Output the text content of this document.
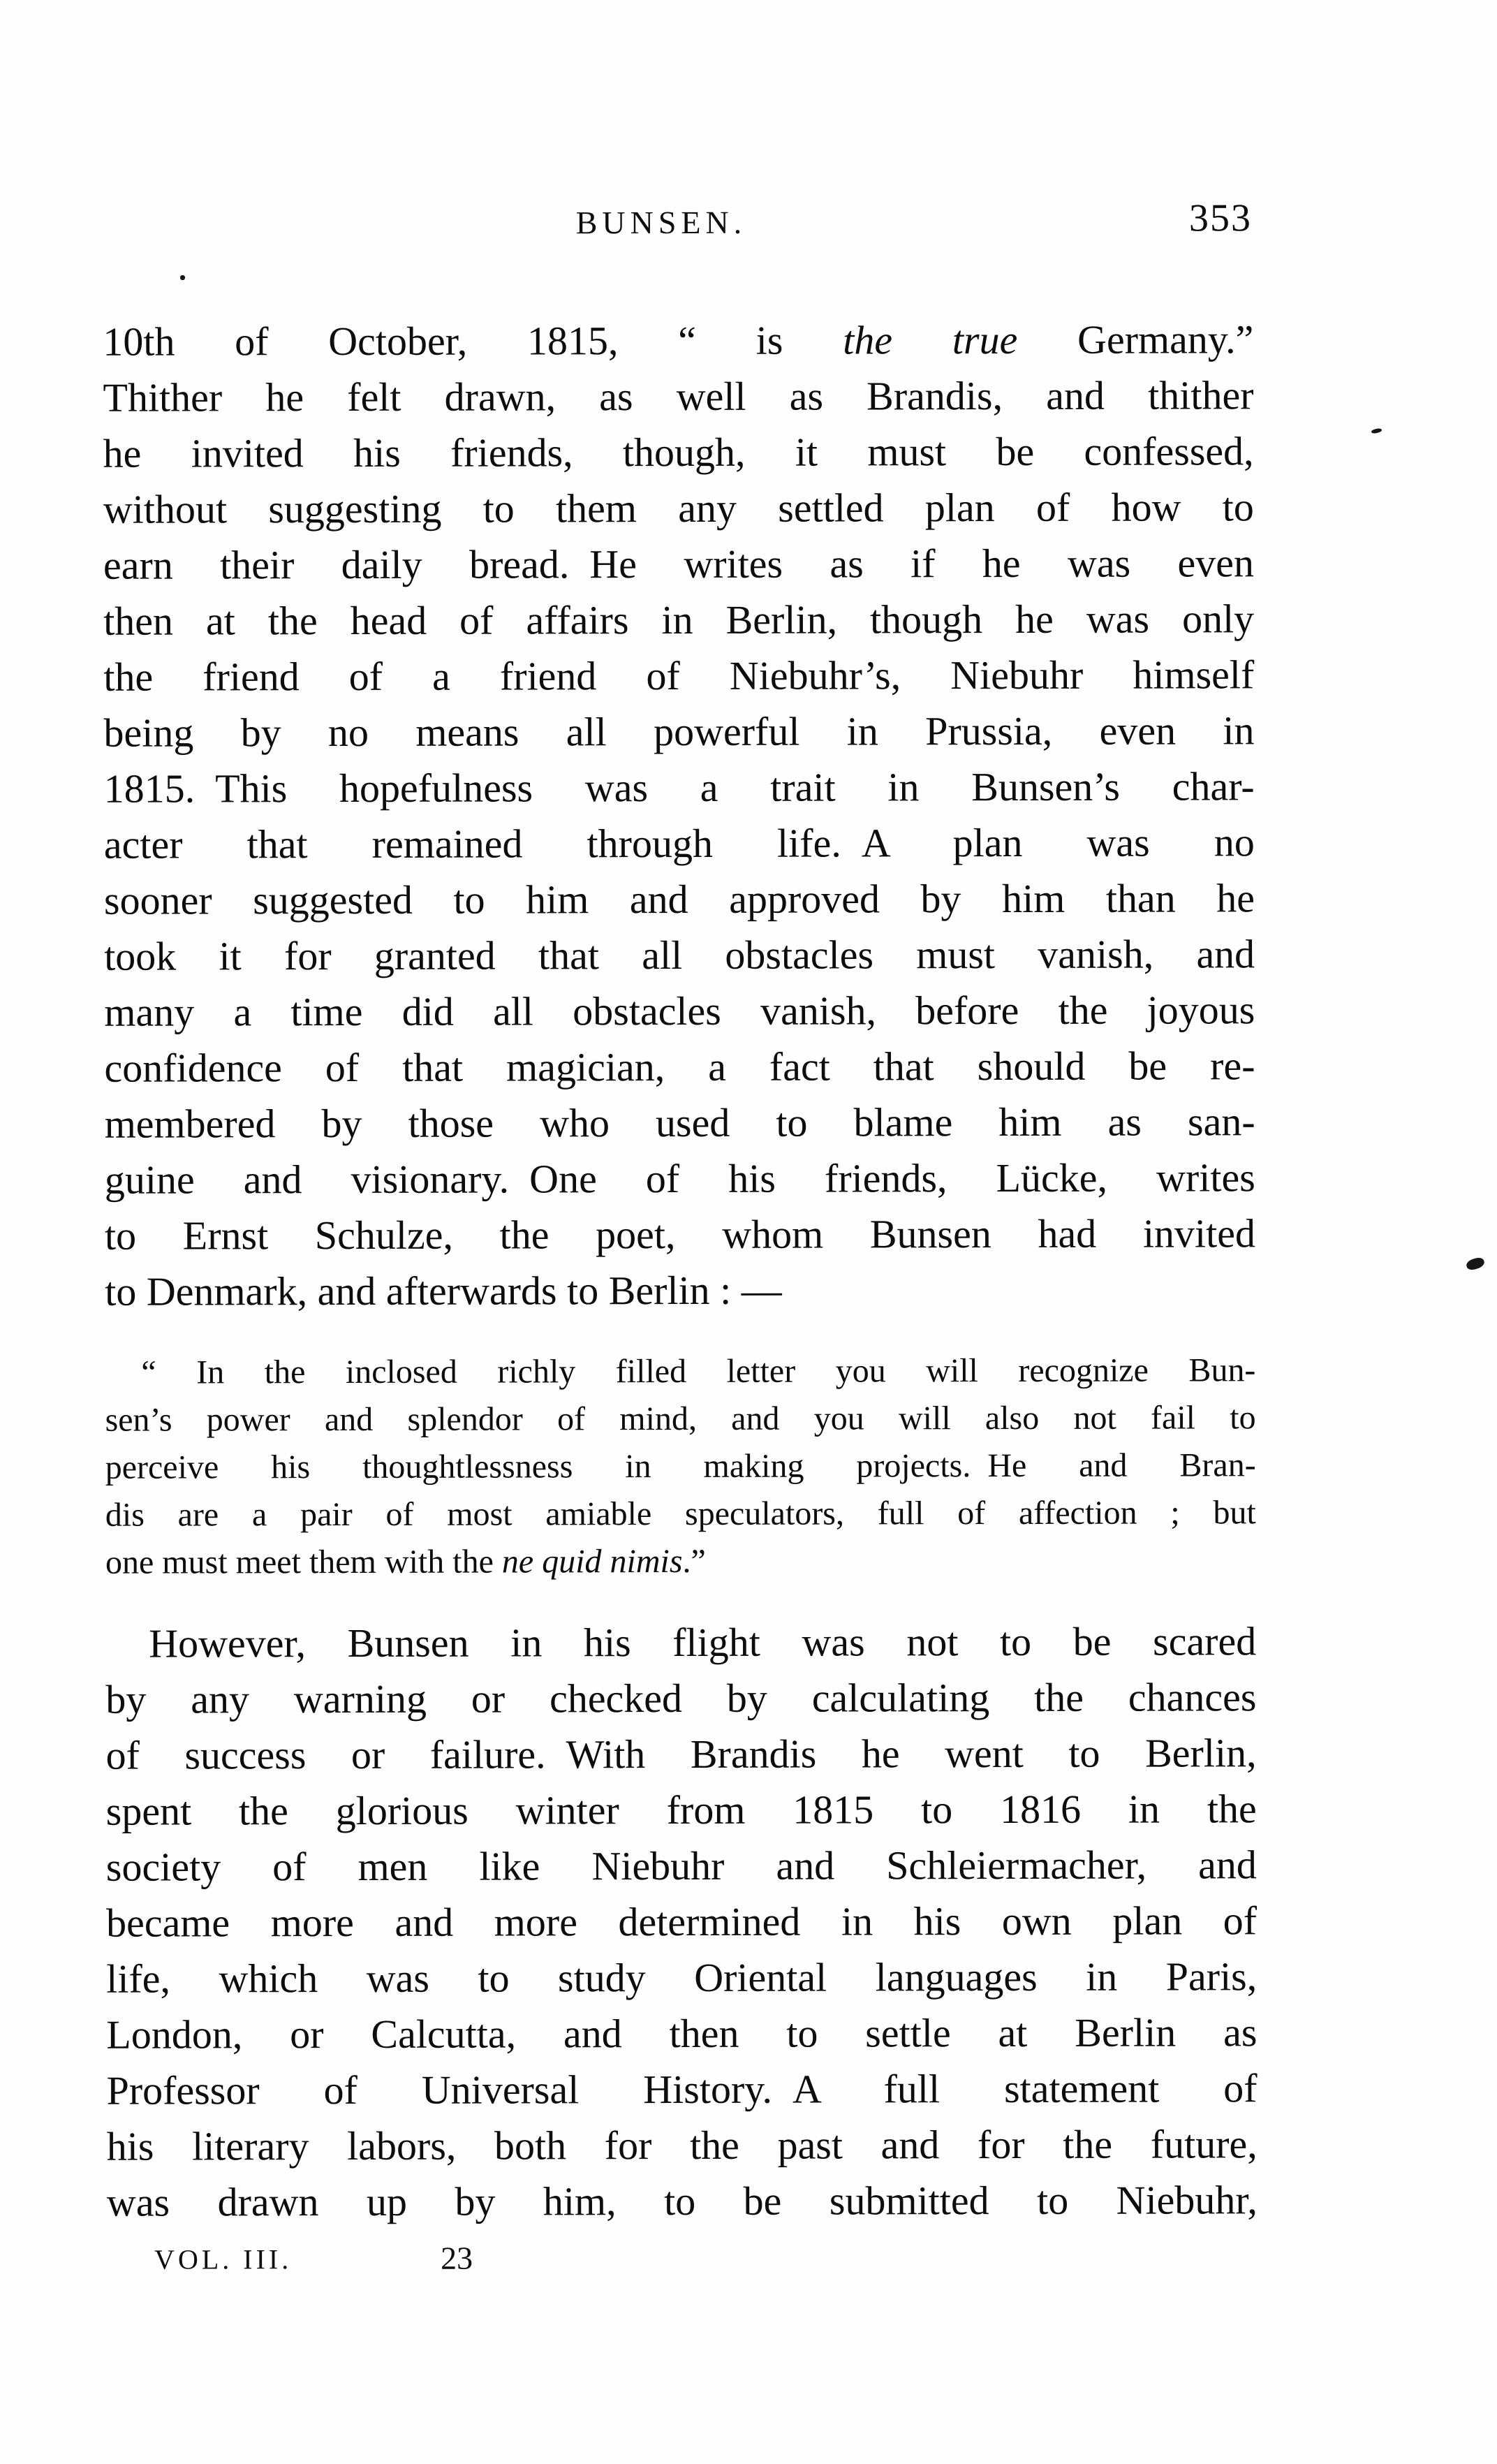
BUNSEN.	353
10th of October, 1815, “ is the true Germany.”
Thither he felt drawn, as well as Brandis, and thither
he invited his friends, though, it must be confessed,
without suggesting to them any settled plan of how to
earn their daily bread. He writes as if he was even
then at the head of affairs in Berlin, though he was only
the friend of a friend of Niebuhr’s, Niebuhr himself
being by no means all powerful in Prussia, even in
1815. This hopefulness was a trait in Bunsen’s char-
acter that remained through life. A plan was no
sooner suggested to him and approved by him than he
took it for granted that all obstacles must vanish, and
many a time did all obstacles vanish, before the joyous
confidence of that magician, a fact that should be re-
membered by those who used to blame him as san-
guine and visionary. One of his friends, Lücke, writes
to Ernst Schulze, the poet, whom Bunsen had invited
to Denmark, and afterwards to Berlin : —
“ In the inclosed richly filled letter you will recognize Bun-
sen’s power and splendor of mind, and you will also not fail to
perceive his thoughtlessness in making projects. He and Bran-
dis are a pair of most amiable speculators, full of affection ; but
one must meet them with the ne quid nimis.”
However, Bunsen in his flight was not to be scared
by any warning or checked by calculating the chances
of success or failure. With Brandis he went to Berlin,
spent the glorious winter from 1815 to 1816 in the
society of men like Niebuhr and Schleiermacher, and
became more and more determined in his own plan of
life, which was to study Oriental languages in Paris,
London, or Calcutta, and then to settle at Berlin as
Professor of Universal History. A full statement of
his literary labors, both for the past and for the future,
was drawn up by him, to be submitted to Niebuhr,
VOL. III.	23
